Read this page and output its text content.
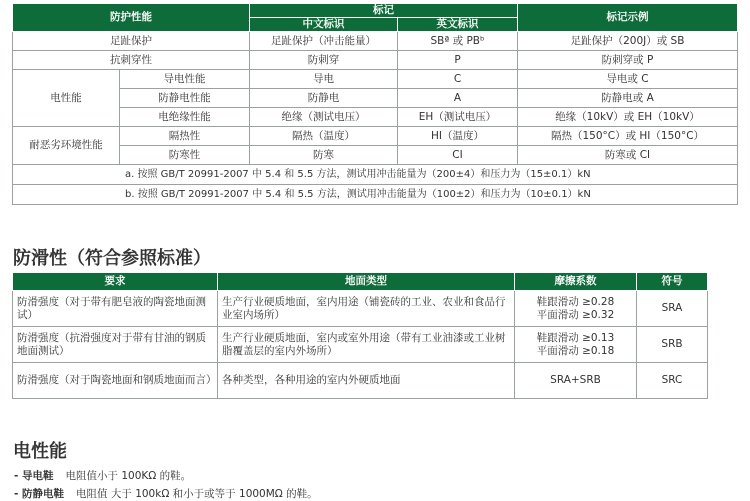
防护性能		标记		标记示例
		中文标识	英文标识	
足趾保护		足趾保护（冲击能量）	SBª 或 PBᵇ	足趾保护（200J）或 SB
抗刺穿性		防刺穿	P	防刺穿或 P
电性能	导电性能	导电	C	导电或 C
	防静电性能	防静电	A	防静电或 A
	电绝缘性能	绝缘（测试电压）	EH（测试电压）	绝缘（10kV）或 EH（10kV）
耐恶劣环境性能	隔热性	隔热（温度）	HI（温度）	隔热（150°C）或 HI（150°C）
	防寒性	防寒	CI	防寒或 CI
a. 按照 GB/T 20991-2007 中 5.4 和 5.5 方法，测试用冲击能量为（200±4）和压力为（15±0.1）kN				
b. 按照 GB/T 20991-2007 中 5.4 和 5.5 方法，测试用冲击能量为（100±2）和压力为（10±0.1）kN				
防滑性（符合参照标准）
要求	地面类型	摩擦系数	符号
防滑强度（对于带有肥皂液的陶瓷地面测试）	生产行业硬质地面，室内用途（铺瓷砖的工业、农业和食品行业室内场所）	鞋跟滑动 ≥0.28
平面滑动 ≥0.32	SRA
防滑强度（抗滑强度对于带有甘油的钢质地面测试）	生产行业硬质地面，室内或室外用途（带有工业油漆或工业树脂覆盖层的室内外场所）	鞋跟滑动 ≥0.13
平面滑动 ≥0.18	SRB
防滑强度（对于陶瓷地面和钢质地面而言）	各种类型，各种用途的室内外硬质地面	SRA+SRB	SRC
电性能
- 导电鞋 电阻值小于 100KΩ 的鞋。
- 防静电鞋 电阻值 大于 100kΩ 和小于或等于 1000MΩ 的鞋。
